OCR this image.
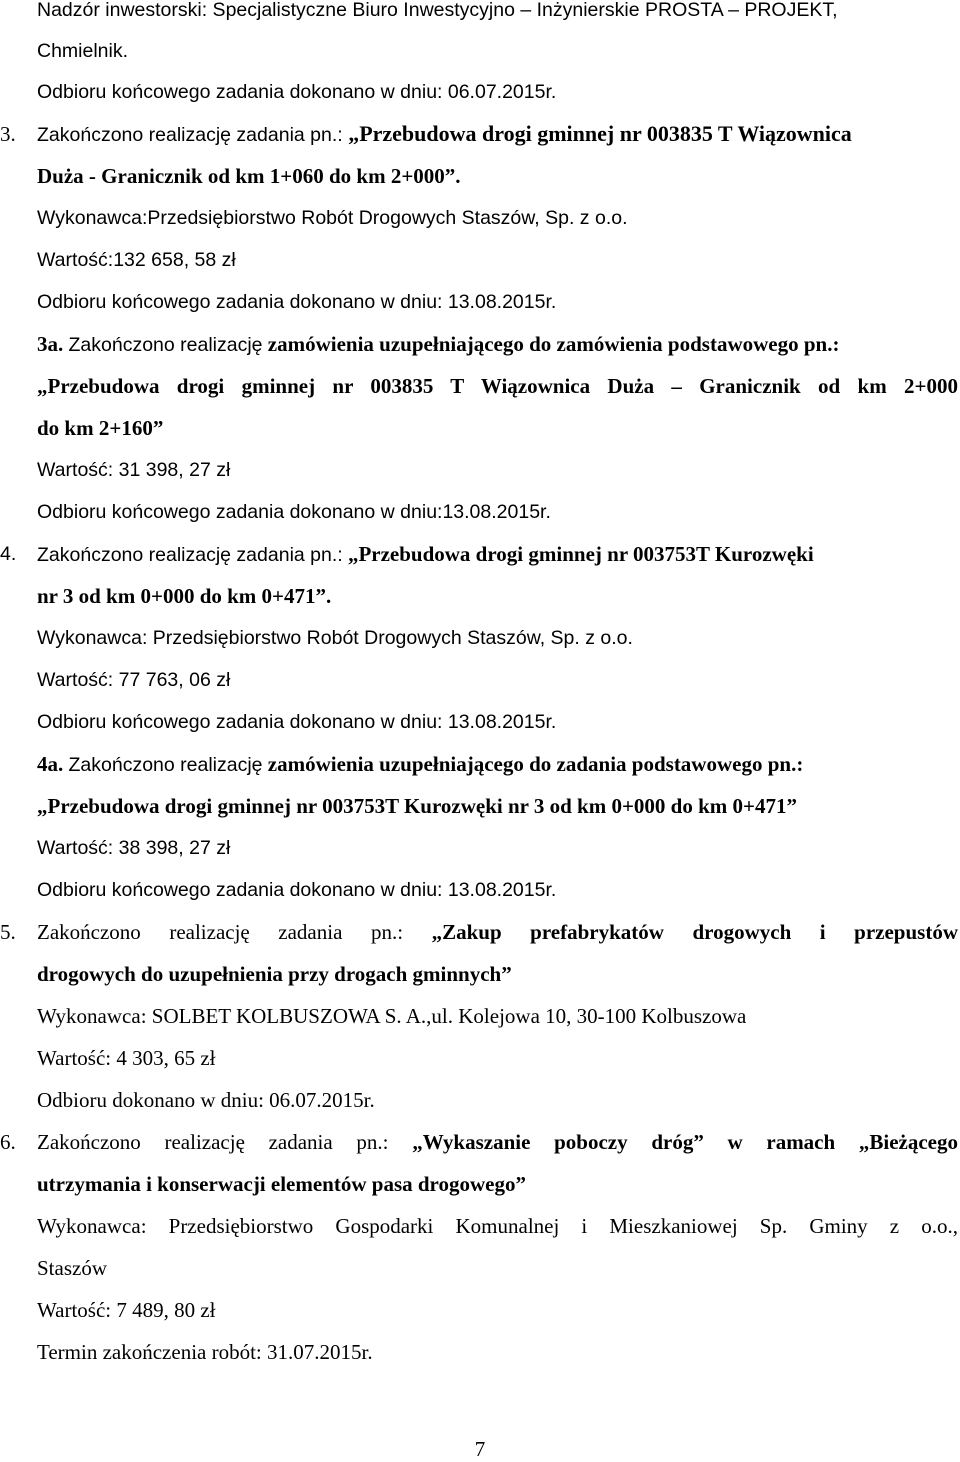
Nadzór inwestorski: Specjalistyczne Biuro Inwestycyjno – Inżynierskie PROSTA – PROJEKT,
Chmielnik.
Odbioru końcowego zadania dokonano w dniu: 06.07.2015r.
3. Zakończono realizację zadania pn.: „Przebudowa drogi gminnej nr 003835 T Wiązownica
Duża - Granicznik od km 1+060 do km 2+000”.
Wykonawca:Przedsiębiorstwo Robót Drogowych Staszów, Sp. z o.o.
Wartość:132 658, 58 zł
Odbioru końcowego zadania dokonano w dniu: 13.08.2015r.
3a. Zakończono realizację zamówienia uzupełniającego do zamówienia podstawowego pn.:
„Przebudowa drogi gminnej nr 003835 T Wiązownica Duża – Granicznik od km 2+000
do km 2+160”
Wartość: 31 398, 27 zł
Odbioru końcowego zadania dokonano w dniu:13.08.2015r.
4. Zakończono realizację zadania pn.: „Przebudowa drogi gminnej nr 003753T Kurozwęki
nr 3 od km 0+000 do km 0+471”.
Wykonawca: Przedsiębiorstwo Robót Drogowych Staszów, Sp. z o.o.
Wartość: 77 763, 06 zł
Odbioru końcowego zadania dokonano w dniu: 13.08.2015r.
4a. Zakończono realizację zamówienia uzupełniającego do zadania podstawowego pn.:
„Przebudowa drogi gminnej nr 003753T Kurozwęki nr 3 od km 0+000 do km 0+471”
Wartość: 38 398, 27 zł
Odbioru końcowego zadania dokonano w dniu: 13.08.2015r.
5. Zakończono realizację zadania pn.: „Zakup prefabrykatów drogowych i przepustów
drogowych do uzupełnienia przy drogach gminnych”
Wykonawca: SOLBET KOLBUSZOWA S. A.,ul. Kolejowa 10, 30-100 Kolbuszowa
Wartość: 4 303, 65 zł
Odbioru dokonano w dniu: 06.07.2015r.
6. Zakończono realizację zadania pn.: „Wykaszanie poboczy dróg” w ramach „Bieżącego
utrzymania i konserwacji elementów pasa drogowego”
Wykonawca: Przedsiębiorstwo Gospodarki Komunalnej i Mieszkaniowej Sp. Gminy z o.o.,
Staszów
Wartość: 7 489, 80 zł
Termin zakończenia robót: 31.07.2015r.
7
